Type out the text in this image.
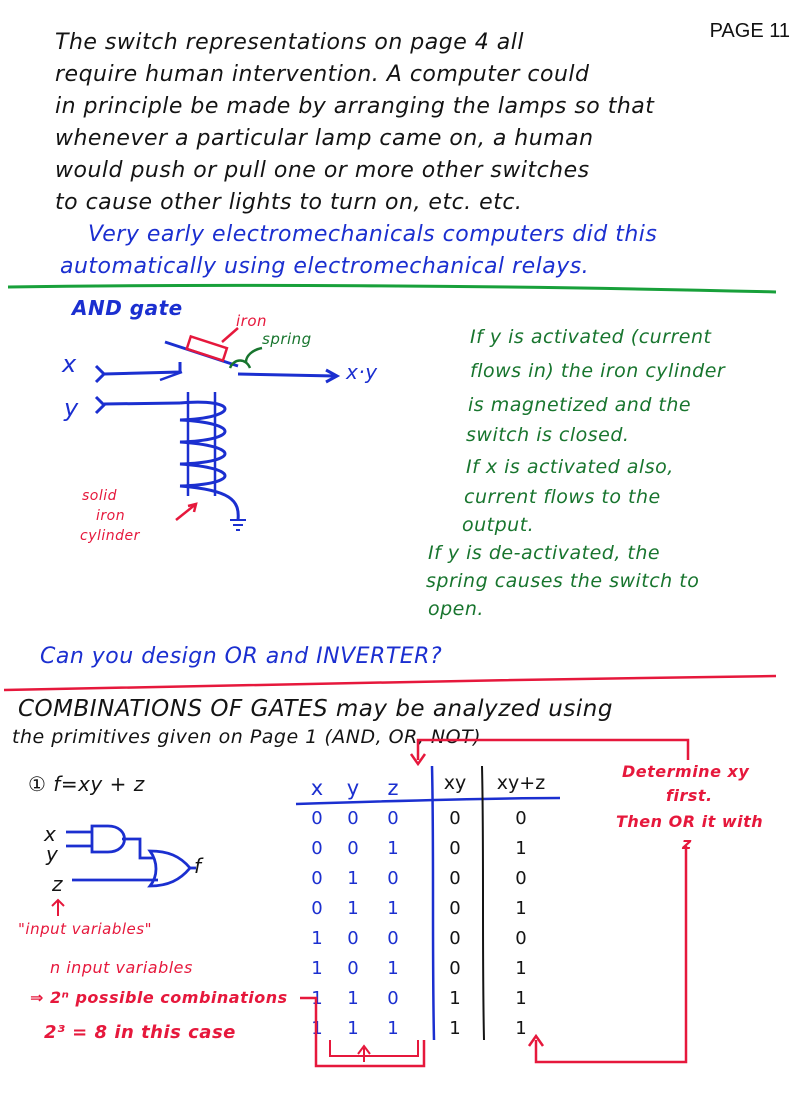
PAGE 11
The switch representations on page 4 all
require human intervention. A computer could
in principle be made by arranging the lamps so that
whenever a particular lamp came on, a human
would push or pull one or more other switches
to cause other lights to turn on, etc. etc.
Very early electromechanicals computers did this
automatically using electromechanical relays.
AND gate
iron
spring
x
y
x·y
solid
iron
cylinder
If y is activated (current
flows in) the iron cylinder
is magnetized and the
switch is closed.
If x is activated also,
current flows to the
output.
If y is de-activated, the
spring causes the switch to
open.
Can you design OR and INVERTER?
COMBINATIONS OF GATES may be analyzed using
the primitives given on Page 1 (AND, OR, NOT)
① f=xy + z
x
y
z
f
"input variables"
n input variables
⇒ 2ⁿ possible combinations
2³ = 8 in this case
Determine xy
first.
Then OR it with
z
x	y	z	xy	xy+z
0	0	0	0	0
0	0	1	0	1
0	1	0	0	0
0	1	1	0	1
1	0	0	0	0
1	0	1	0	1
1	1	0	1	1
1	1	1	1	1
